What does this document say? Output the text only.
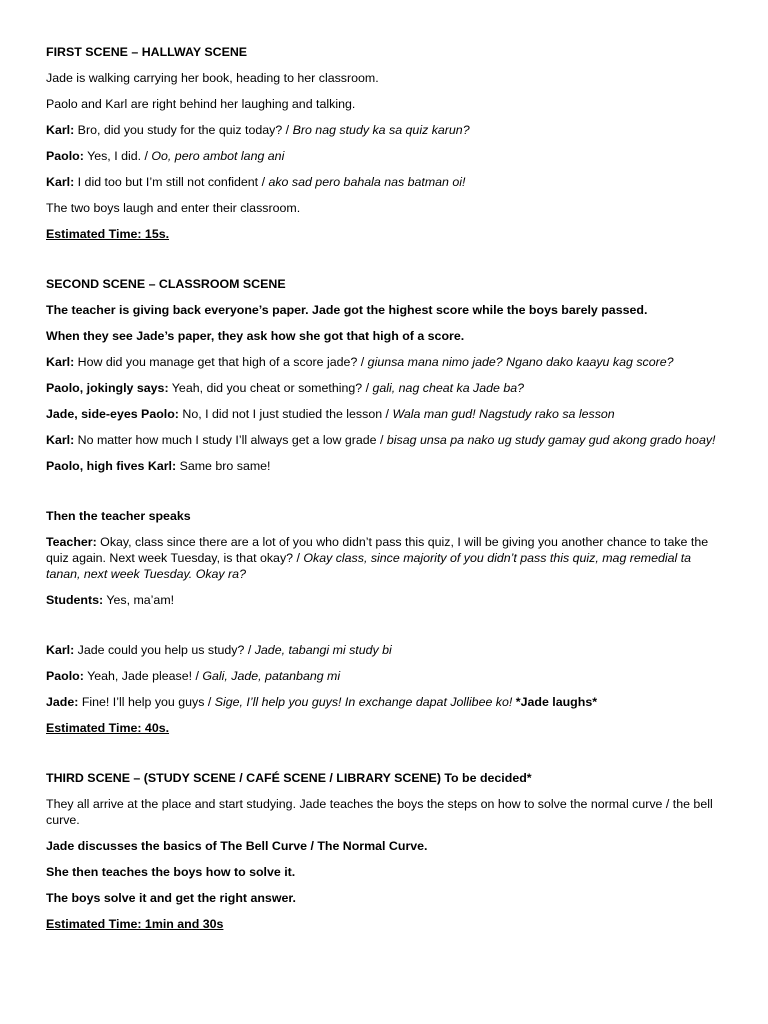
FIRST SCENE – HALLWAY SCENE

Jade is walking carrying her book, heading to her classroom.

Paolo and Karl are right behind her laughing and talking.

Karl: Bro, did you study for the quiz today? / Bro nag study ka sa quiz karun?

Paolo: Yes, I did. / Oo, pero ambot lang ani

Karl: I did too but I’m still not confident / ako sad pero bahala nas batman oi!

The two boys laugh and enter their classroom.

Estimated Time: 15s.

SECOND SCENE – CLASSROOM SCENE

The teacher is giving back everyone’s paper. Jade got the highest score while the boys barely passed.

When they see Jade’s paper, they ask how she got that high of a score.

Karl: How did you manage get that high of a score jade? / giunsa mana nimo jade? Ngano dako kaayu kag score?

Paolo, jokingly says: Yeah, did you cheat or something? / gali, nag cheat ka Jade ba?

Jade, side-eyes Paolo: No, I did not I just studied the lesson / Wala man gud! Nagstudy rako sa lesson

Karl: No matter how much I study I’ll always get a low grade / bisag unsa pa nako ug study gamay gud akong grado hoay!

Paolo, high fives Karl: Same bro same!

Then the teacher speaks

Teacher: Okay, class since there are a lot of you who didn’t pass this quiz, I will be giving you another chance to take the quiz again. Next week Tuesday, is that okay? / Okay class, since majority of you didn’t pass this quiz, mag remedial ta tanan, next week Tuesday. Okay ra?

Students: Yes, ma’am!

Karl: Jade could you help us study? / Jade, tabangi mi study bi

Paolo: Yeah, Jade please! / Gali, Jade, patanbang mi

Jade: Fine! I’ll help you guys / Sige, I’ll help you guys! In exchange dapat Jollibee ko! *Jade laughs*

Estimated Time: 40s.

THIRD SCENE – (STUDY SCENE / CAFÉ SCENE / LIBRARY SCENE) To be decided*

They all arrive at the place and start studying. Jade teaches the boys the steps on how to solve the normal curve / the bell curve.

Jade discusses the basics of The Bell Curve / The Normal Curve.

She then teaches the boys how to solve it.

The boys solve it and get the right answer.

Estimated Time: 1min and 30s
